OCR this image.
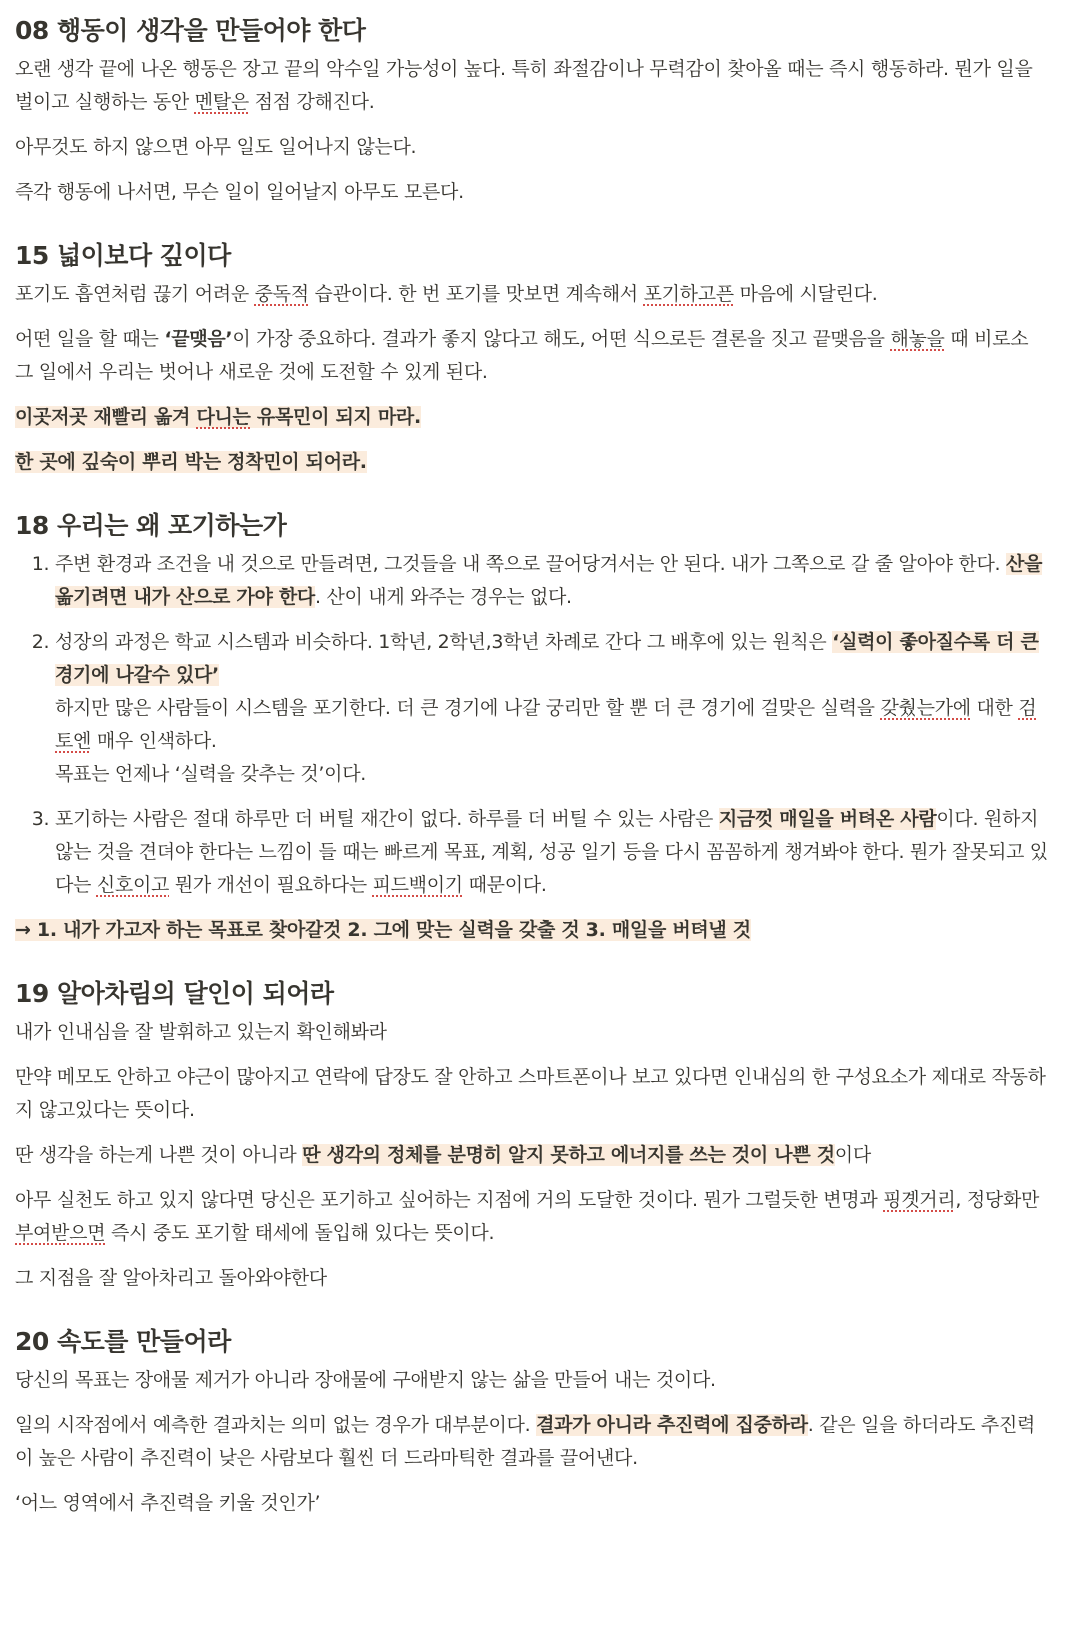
08 행동이 생각을 만들어야 한다

오랜 생각 끝에 나온 행동은 장고 끝의 악수일 가능성이 높다. 특히 좌절감이나 무력감이 찾아올 때는 즉시 행동하라. 뭔가 일을 벌이고 실행하는 동안 멘탈은 점점 강해진다.

아무것도 하지 않으면 아무 일도 일어나지 않는다.

즉각 행동에 나서면, 무슨 일이 일어날지 아무도 모른다.

15 넓이보다 깊이다

포기도 흡연처럼 끊기 어려운 중독적 습관이다. 한 번 포기를 맛보면 계속해서 포기하고픈 마음에 시달린다.

어떤 일을 할 때는 ‘끝맺음’이 가장 중요하다. 결과가 좋지 않다고 해도, 어떤 식으로든 결론을 짓고 끝맺음을 해놓을 때 비로소 그 일에서 우리는 벗어나 새로운 것에 도전할 수 있게 된다.

이곳저곳 재빨리 옮겨 다니는 유목민이 되지 마라.

한 곳에 깊숙이 뿌리 박는 정착민이 되어라.

18 우리는 왜 포기하는가
1. 주변 환경과 조건을 내 것으로 만들려면, 그것들을 내 쪽으로 끌어당겨서는 안 된다. 내가 그쪽으로 갈 줄 알아야 한다. 산을 옮기려면 내가 산으로 가야 한다. 산이 내게 와주는 경우는 없다.
2. 성장의 과정은 학교 시스템과 비슷하다. 1학년, 2학년,3학년 차례로 간다 그 배후에 있는 원칙은 ‘실력이 좋아질수록 더 큰 경기에 나갈수 있다’
하지만 많은 사람들이 시스템을 포기한다. 더 큰 경기에 나갈 궁리만 할 뿐 더 큰 경기에 걸맞은 실력을 갖췄는가에 대한 검토엔 매우 인색하다.
목표는 언제나 ‘실력을 갖추는 것’이다.
3. 포기하는 사람은 절대 하루만 더 버틸 재간이 없다. 하루를 더 버틸 수 있는 사람은 지금껏 매일을 버텨온 사람이다. 원하지 않는 것을 견뎌야 한다는 느낌이 들 때는 빠르게 목표, 계획, 성공 일기 등을 다시 꼼꼼하게 챙겨봐야 한다. 뭔가 잘못되고 있다는 신호이고 뭔가 개선이 필요하다는 피드백이기 때문이다.

→ 1. 내가 가고자 하는 목표로 찾아갈것 2. 그에 맞는 실력을 갖출 것 3. 매일을 버텨낼 것

19 알아차림의 달인이 되어라

내가 인내심을 잘 발휘하고 있는지 확인해봐라

만약 메모도 안하고 야근이 많아지고 연락에 답장도 잘 안하고 스마트폰이나 보고 있다면 인내심의 한 구성요소가 제대로 작동하지 않고있다는 뜻이다.

딴 생각을 하는게 나쁜 것이 아니라 딴 생각의 정체를 분명히 알지 못하고 에너지를 쓰는 것이 나쁜 것이다

아무 실천도 하고 있지 않다면 당신은 포기하고 싶어하는 지점에 거의 도달한 것이다. 뭔가 그럴듯한 변명과 핑곗거리, 정당화만 부여받으면 즉시 중도 포기할 태세에 돌입해 있다는 뜻이다.

그 지점을 잘 알아차리고 돌아와야한다

20 속도를 만들어라

당신의 목표는 장애물 제거가 아니라 장애물에 구애받지 않는 삶을 만들어 내는 것이다.

일의 시작점에서 예측한 결과치는 의미 없는 경우가 대부분이다. 결과가 아니라 추진력에 집중하라. 같은 일을 하더라도 추진력이 높은 사람이 추진력이 낮은 사람보다 훨씬 더 드라마틱한 결과를 끌어낸다.

‘어느 영역에서 추진력을 키울 것인가’
